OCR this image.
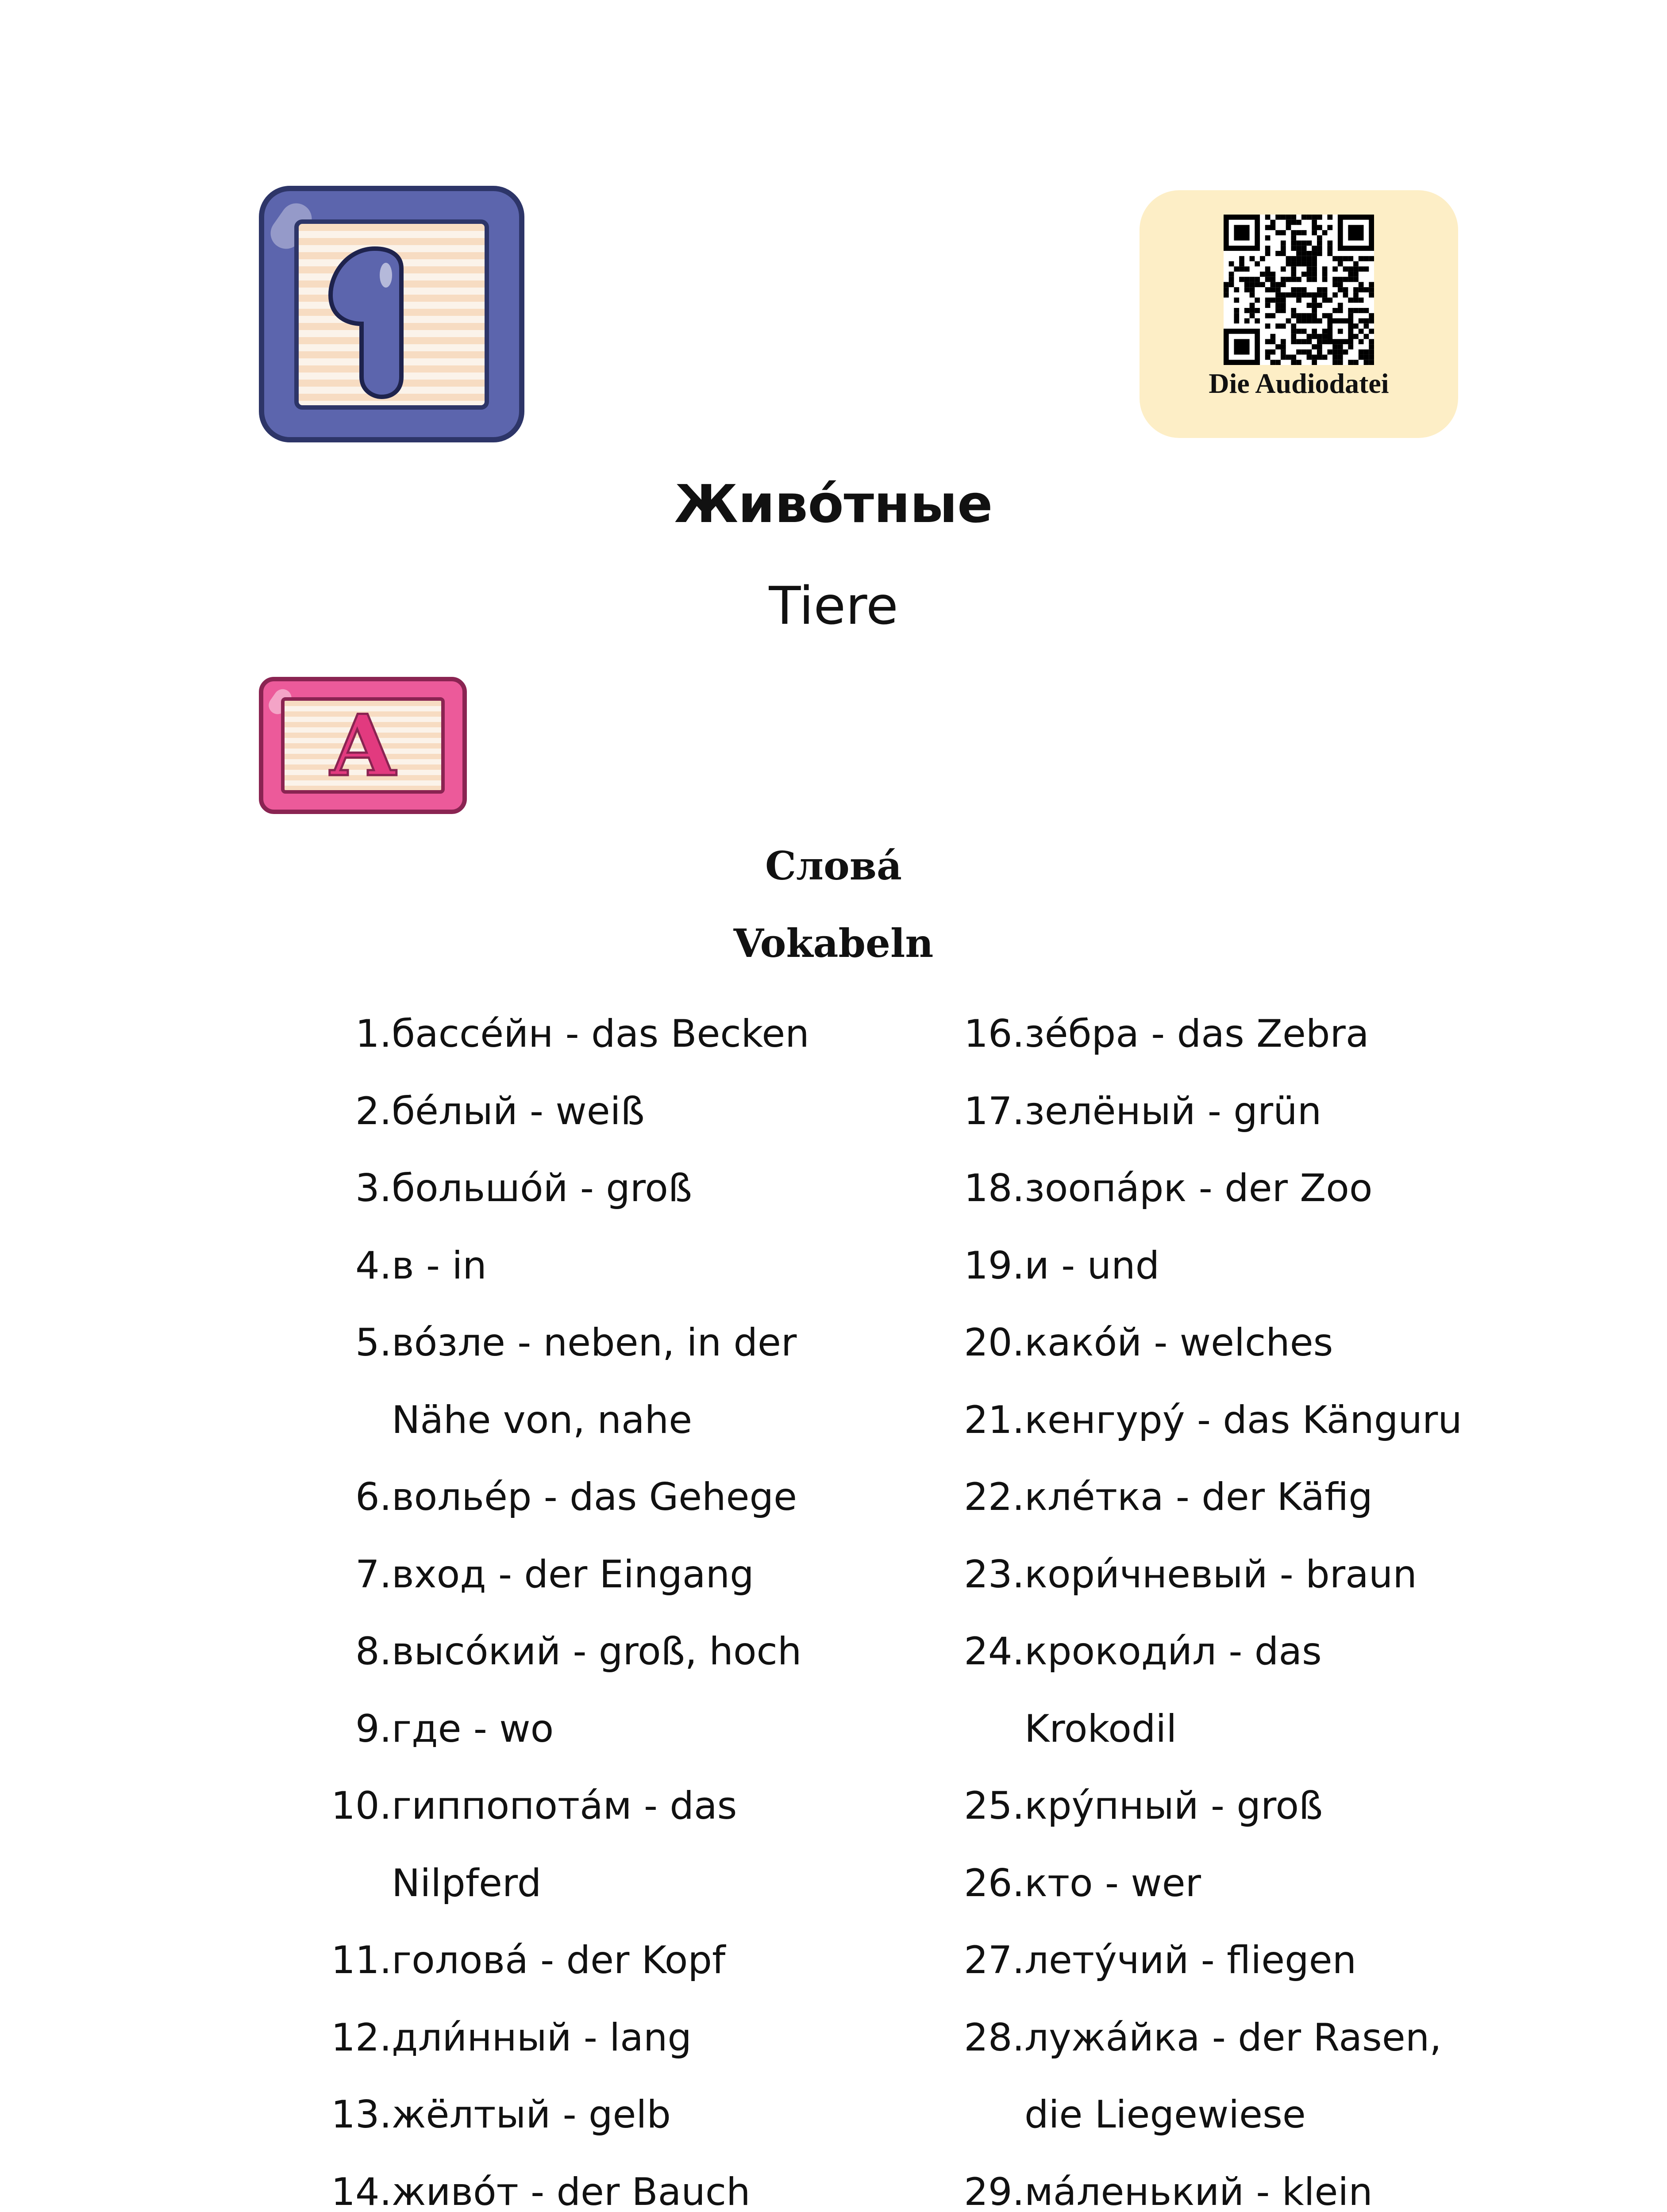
1
Die Audiodatei
Живо́тные
Tiere
A
Слова́
Vokabeln
1. бассе́йн - das Becken
2. бе́лый - weiß
3. большо́й - groß
4. в - in
5. во́зле - neben, in der
Nähe von, nahe
6. волье́р - das Gehege
7. вход - der Eingang
8. высо́кий - groß, hoch
9. где - wo
10. гиппопота́м - das
Nilpferd
11. голова́ - der Kopf
12. дли́нный - lang
13. жёлтый - gelb
14. живо́т - der Bauch
16. зе́бра - das Zebra
17. зелёный - grün
18. зоопа́рк - der Zoo
19. и - und
20. како́й - welches
21. кенгуру́ - das Känguru
22. кле́тка - der Käfig
23. кори́чневый - braun
24. крокоди́л - das
Krokodil
25. кру́пный - groß
26. кто - wer
27. лету́чий - fliegen
28. лужа́йка - der Rasen,
die Liegewiese
29. ма́ленький - klein
